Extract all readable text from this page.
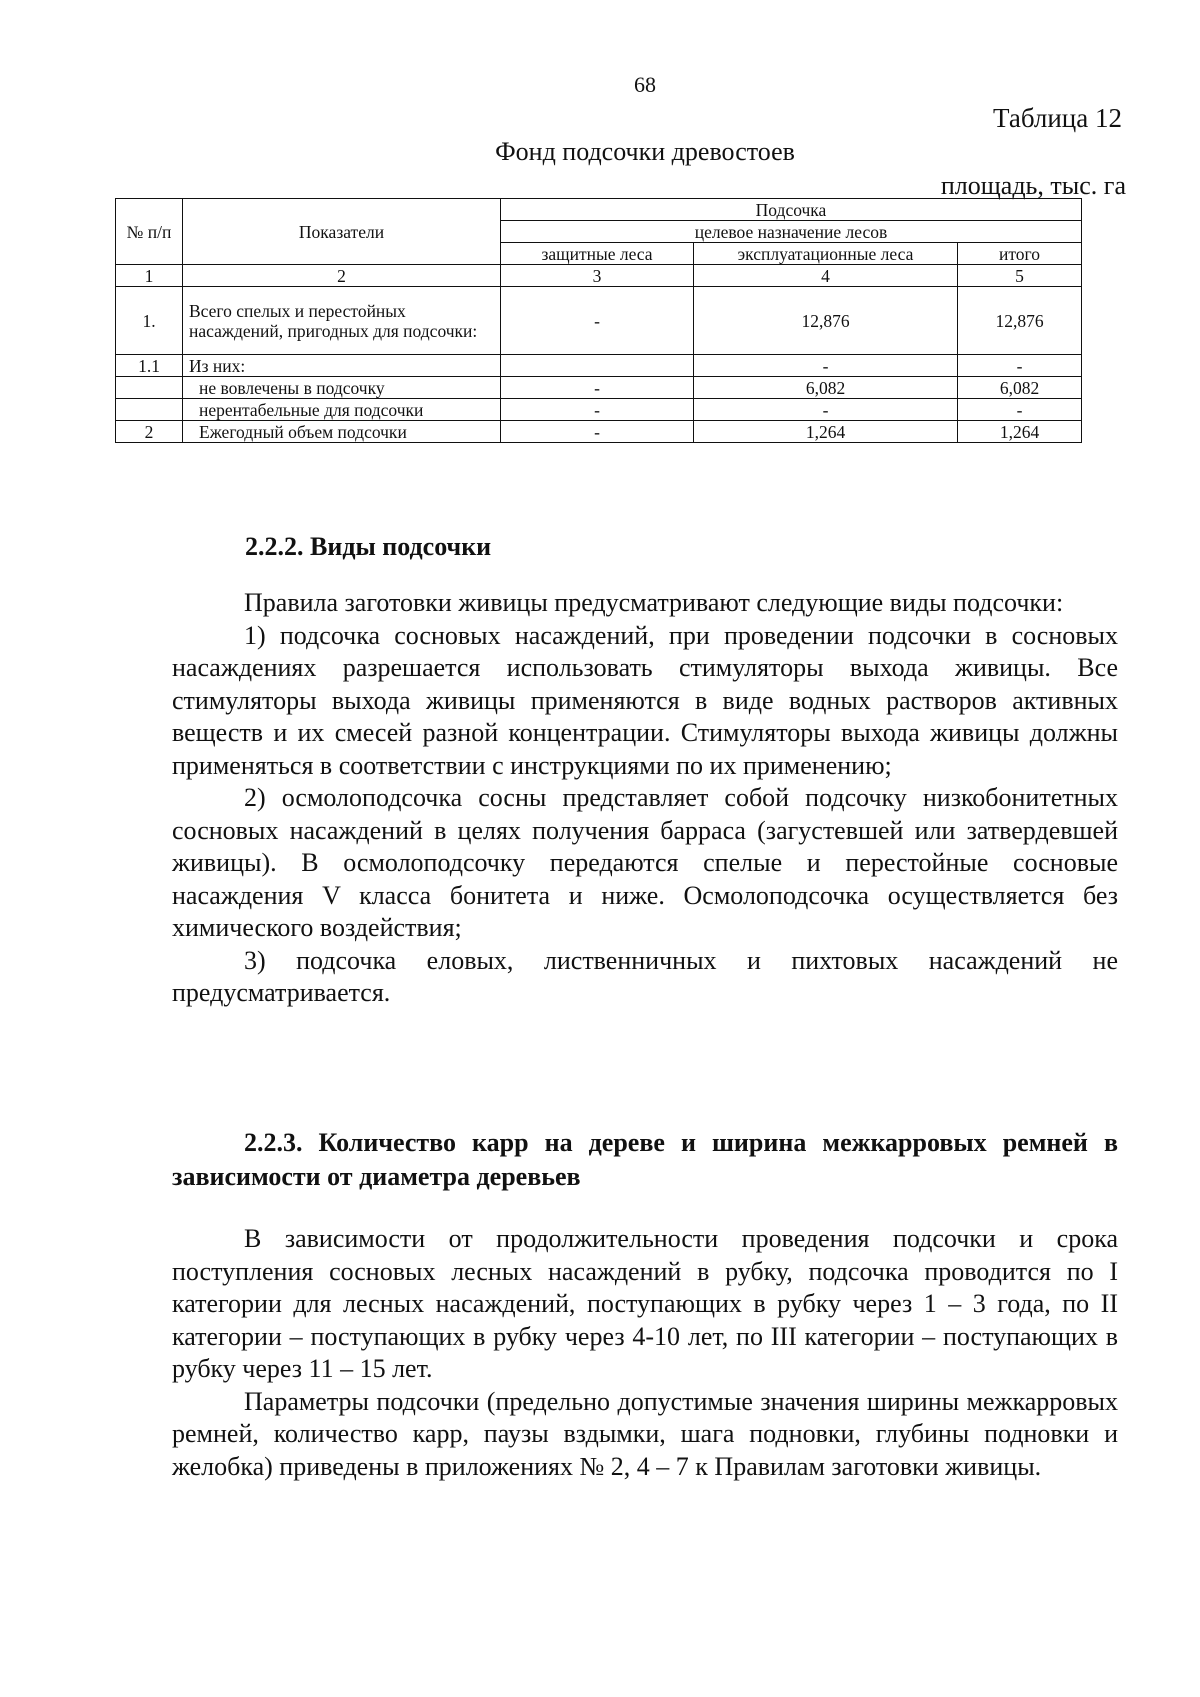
68
Таблица 12
Фонд подсочки древостоев
площадь, тыс. га
№ п/п	Показатели	Подсочка		
		целевое назначение лесов		
		защитные леса	эксплуатационные леса	итого
1	2	3	4	5
1.	Всего спелых и перестойных насаждений, пригодных для подсочки:	-	12,876	12,876
1.1	Из них:		-	-
	не вовлечены в подсочку	-	6,082	6,082
	нерентабельные для подсочки	-	-	-
2	Ежегодный объем подсочки	-	1,264	1,264
2.2.2. Виды подсочки

Правила заготовки живицы предусматривают следующие виды подсочки:

1) подсочка сосновых насаждений, при проведении подсочки в сосновых насаждениях разрешается использовать стимуляторы выхода живицы. Все стимуляторы выхода живицы применяются в виде водных растворов активных веществ и их смесей разной концентрации. Стимуляторы выхода живицы должны применяться в соответствии с инструкциями по их применению;

2) осмолоподсочка сосны представляет собой подсочку низкобонитетных сосновых насаждений в целях получения барраса (загустевшей или затвердевшей живицы). В осмолоподсочку передаются спелые и перестойные сосновые насаждения V класса бонитета и ниже. Осмолоподсочка осуществляется без химического воздействия;

3) подсочка еловых, лиственничных и пихтовых насаждений не предусматривается.

2.2.3. Количество карр на дереве и ширина межкарровых ремней в зависимости от диаметра деревьев

В зависимости от продолжительности проведения подсочки и срока поступления сосновых лесных насаждений в рубку, подсочка проводится по I категории для лесных насаждений, поступающих в рубку через 1 – 3 года, по II категории – поступающих в рубку через 4-10 лет, по III категории – поступающих в рубку через 11 – 15 лет.

Параметры подсочки (предельно допустимые значения ширины межкарровых ремней, количество карр, паузы вздымки, шага подновки, глубины подновки и желобка) приведены в приложениях № 2, 4 – 7 к Правилам заготовки живицы.
